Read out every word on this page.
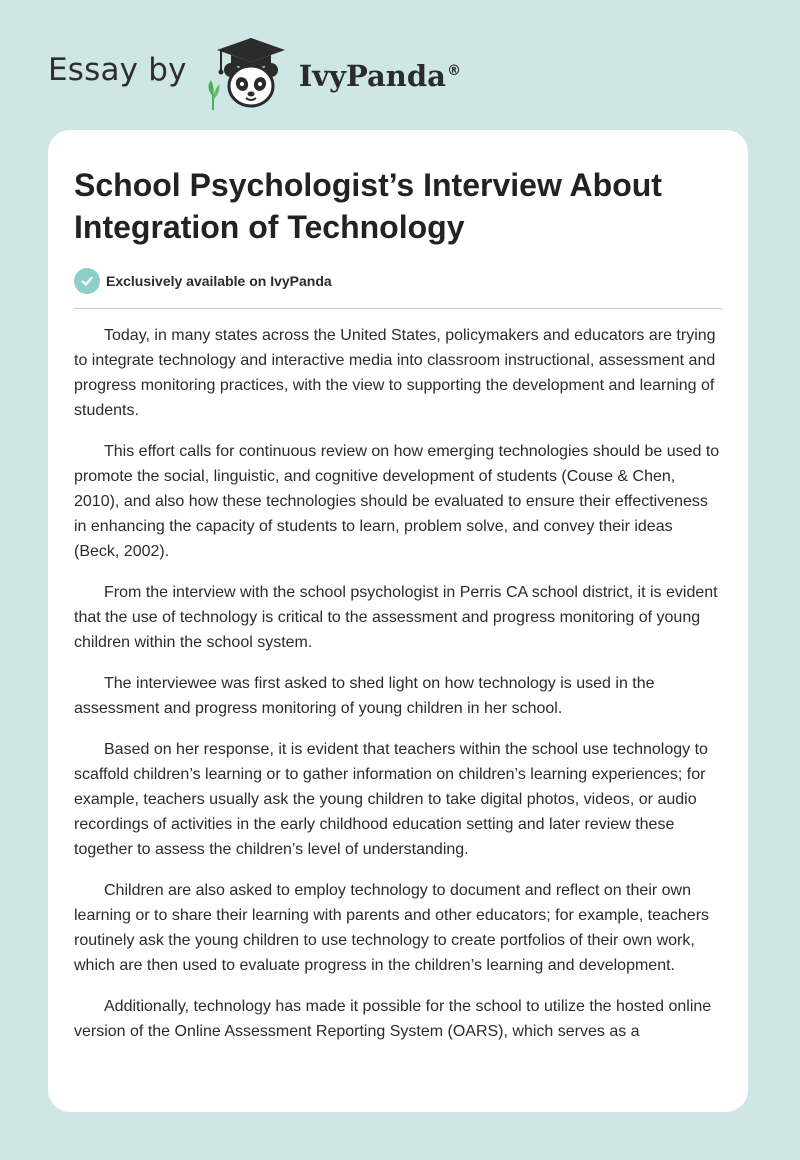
Essay by	IvyPanda®
School Psychologist’s Interview About Integration of Technology
Exclusively available on IvyPanda

Today, in many states across the United States, policymakers and educators are trying to integrate technology and interactive media into classroom instructional, assessment and progress monitoring practices, with the view to supporting the development and learning of students.

This effort calls for continuous review on how emerging technologies should be used to promote the social, linguistic, and cognitive development of students (Couse & Chen, 2010), and also how these technologies should be evaluated to ensure their effectiveness in enhancing the capacity of students to learn, problem solve, and convey their ideas (Beck, 2002).

From the interview with the school psychologist in Perris CA school district, it is evident that the use of technology is critical to the assessment and progress monitoring of young children within the school system.

The interviewee was first asked to shed light on how technology is used in the assessment and progress monitoring of young children in her school.

Based on her response, it is evident that teachers within the school use technology to scaffold children’s learning or to gather information on children’s learning experiences; for example, teachers usually ask the young children to take digital photos, videos, or audio recordings of activities in the early childhood education setting and later review these together to assess the children’s level of understanding.

Children are also asked to employ technology to document and reflect on their own learning or to share their learning with parents and other educators; for example, teachers routinely ask the young children to use technology to create portfolios of their own work, which are then used to evaluate progress in the children’s learning and development.

Additionally, technology has made it possible for the school to utilize the hosted online version of the Online Assessment Reporting System (OARS), which serves as a
